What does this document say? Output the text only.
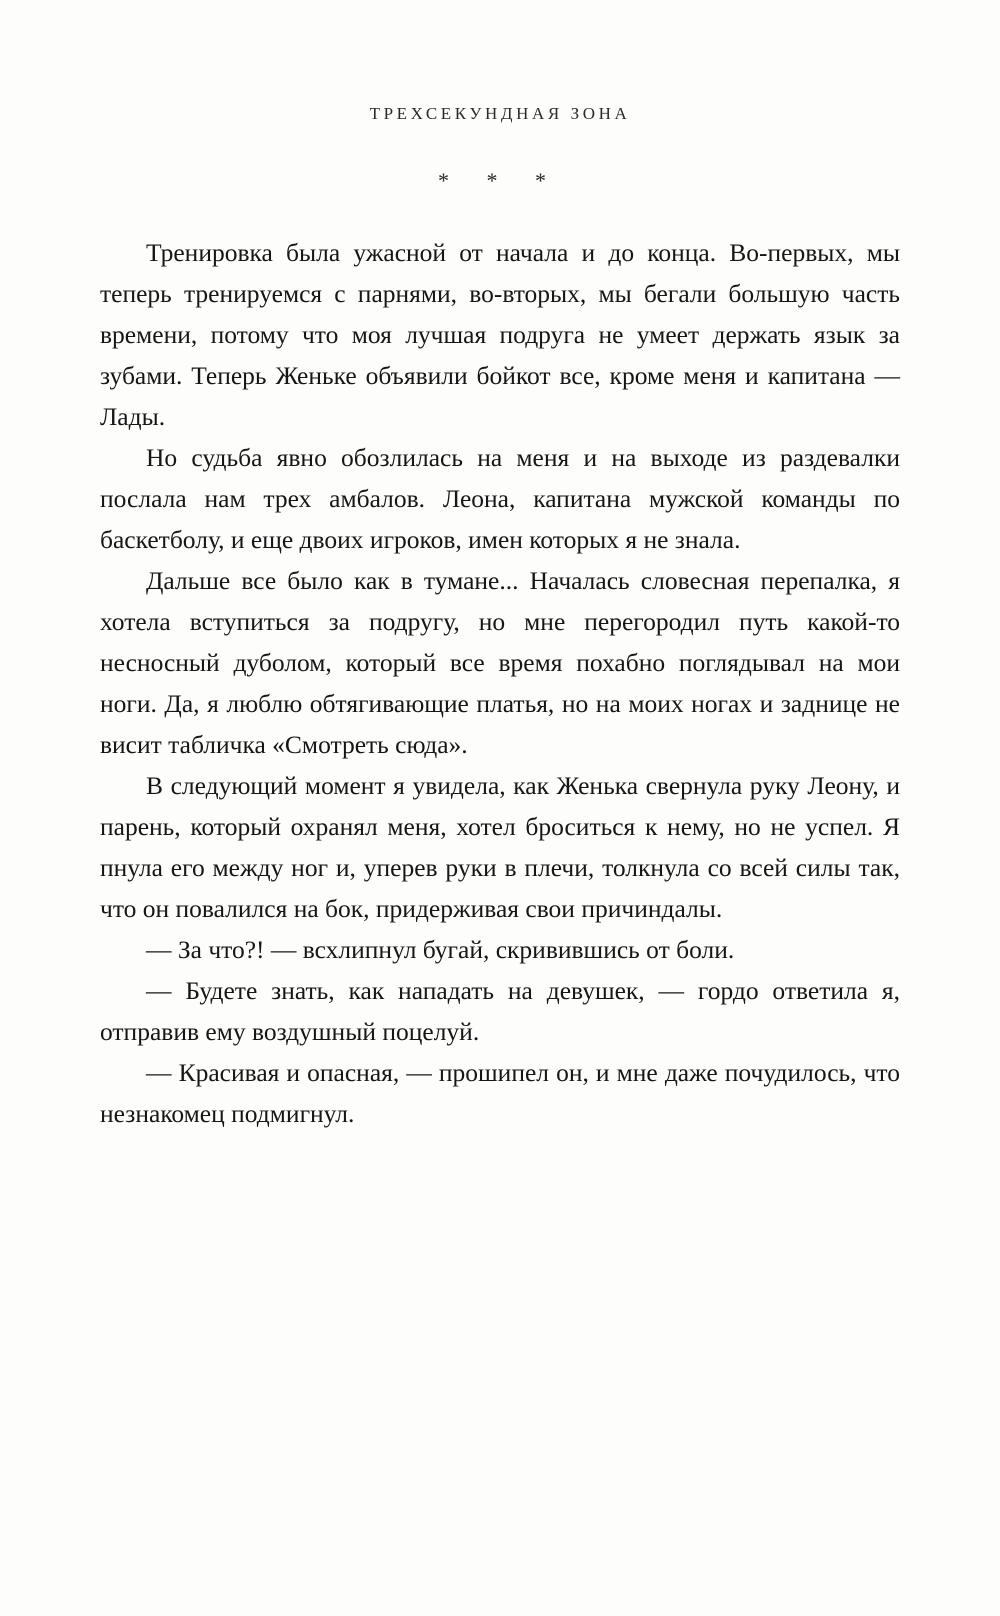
ТРЕХСЕКУНДНАЯ ЗОНА
* * *

Тренировка была ужасной от начала и до конца. Во-первых, мы теперь тренируемся с парнями, во-вторых, мы бегали большую часть времени, потому что моя лучшая подруга не умеет держать язык за зубами. Теперь Женьке объявили бойкот все, кроме меня и капитана — Лады.

Но судьба явно обозлилась на меня и на выходе из раздевалки послала нам трех амбалов. Леона, капитана мужской команды по баскетболу, и еще двоих игроков, имен которых я не знала.

Дальше все было как в тумане... Началась словесная перепалка, я хотела вступиться за подругу, но мне перегородил путь какой-то несносный дуболом, который все время похабно поглядывал на мои ноги. Да, я люблю обтягивающие платья, но на моих ногах и заднице не висит табличка «Смотреть сюда».

В следующий момент я увидела, как Женька свернула руку Леону, и парень, который охранял меня, хотел броситься к нему, но не успел. Я пнула его между ног и, уперев руки в плечи, толкнула со всей силы так, что он повалился на бок, придерживая свои причиндалы.

— За что?! — всхлипнул бугай, скривившись от боли.

— Будете знать, как нападать на девушек, — гордо ответила я, отправив ему воздушный поцелуй.

— Красивая и опасная, — прошипел он, и мне даже почудилось, что незнакомец подмигнул.
